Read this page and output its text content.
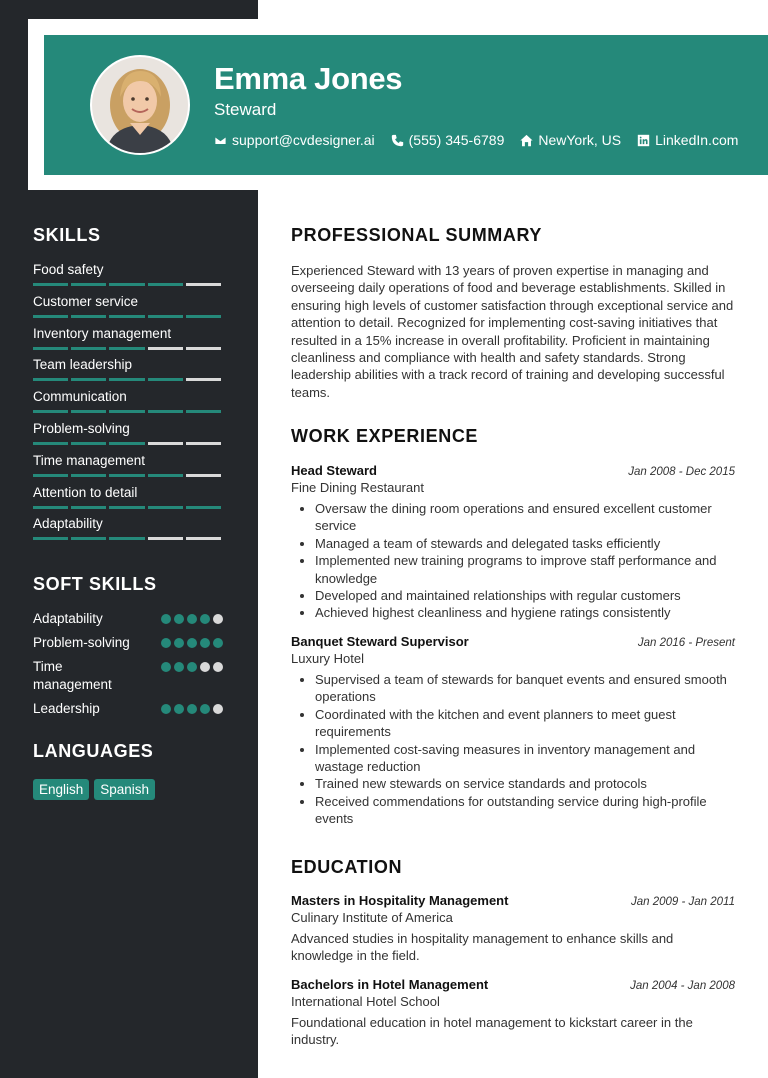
Emma Jones
Steward
support@cvdesigner.ai (555) 345-6789 NewYork, US LinkedIn.com
SKILLS
Food safety
Customer service
Inventory management
Team leadership
Communication
Problem-solving
Time management
Attention to detail
Adaptability
SOFT SKILLS
Adaptability
Problem-solving
Time management
Leadership
LANGUAGES
English	Spanish
PROFESSIONAL SUMMARY
Experienced Steward with 13 years of proven expertise in managing and overseeing daily operations of food and beverage establishments. Skilled in ensuring high levels of customer satisfaction through exceptional service and attention to detail. Recognized for implementing cost-saving initiatives that resulted in a 15% increase in overall profitability. Proficient in maintaining cleanliness and compliance with health and safety standards. Strong leadership abilities with a track record of training and developing successful teams.
WORK EXPERIENCE
Head Steward	Jan 2008 - Dec 2015
Fine Dining Restaurant
• Oversaw the dining room operations and ensured excellent customer service
• Managed a team of stewards and delegated tasks efficiently
• Implemented new training programs to improve staff performance and knowledge
• Developed and maintained relationships with regular customers
• Achieved highest cleanliness and hygiene ratings consistently
Banquet Steward Supervisor	Jan 2016 - Present
Luxury Hotel
• Supervised a team of stewards for banquet events and ensured smooth operations
• Coordinated with the kitchen and event planners to meet guest requirements
• Implemented cost-saving measures in inventory management and wastage reduction
• Trained new stewards on service standards and protocols
• Received commendations for outstanding service during high-profile events
EDUCATION
Masters in Hospitality Management	Jan 2009 - Jan 2011
Culinary Institute of America
Advanced studies in hospitality management to enhance skills and knowledge in the field.
Bachelors in Hotel Management	Jan 2004 - Jan 2008
International Hotel School
Foundational education in hotel management to kickstart career in the industry.
